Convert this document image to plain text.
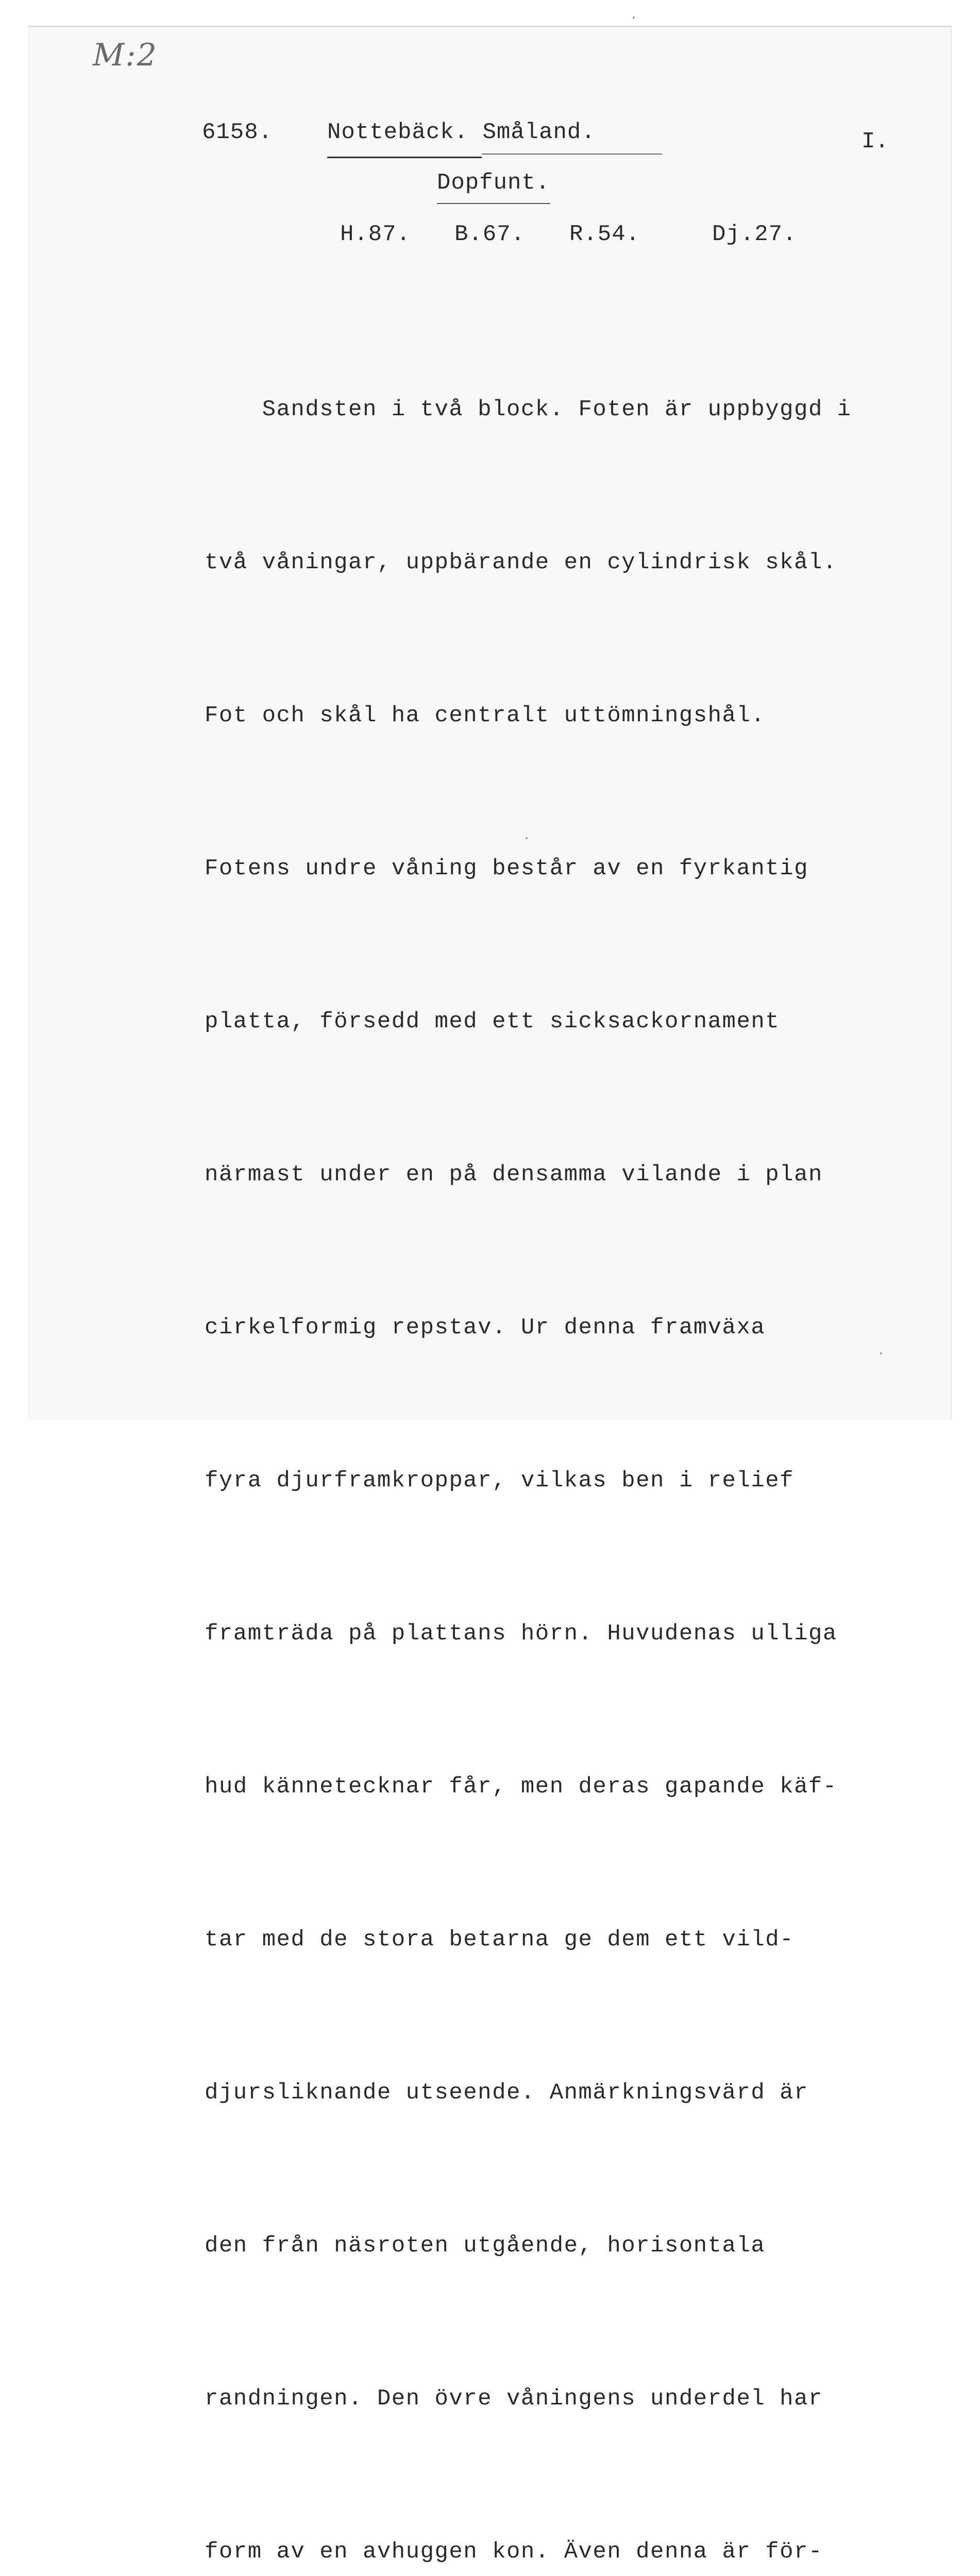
M:2
6158. Nottebäck. Småland.	I.
Dopfunt.
H.87. B.67. R.54.	Dj.27.

Sandsten i två block. Foten är uppbyggd i

två våningar, uppbärande en cylindrisk skål.

Fot och skål ha centralt uttömningshål.

Fotens undre våning består av en fyrkantig

platta, försedd med ett sicksackornament

närmast under en på densamma vilande i plan

cirkelformig repstav. Ur denna framväxa

fyra djurframkroppar, vilkas ben i relief

framträda på plattans hörn. Huvudenas ulliga

hud kännetecknar får, men deras gapande käf-

tar med de stora betarna ge dem ett vild-

djursliknande utseende. Anmärkningsvärd är

den från näsroten utgående, horisontala

randningen. Den övre våningens underdel har

form av en avhuggen kon. Även denna är för-
